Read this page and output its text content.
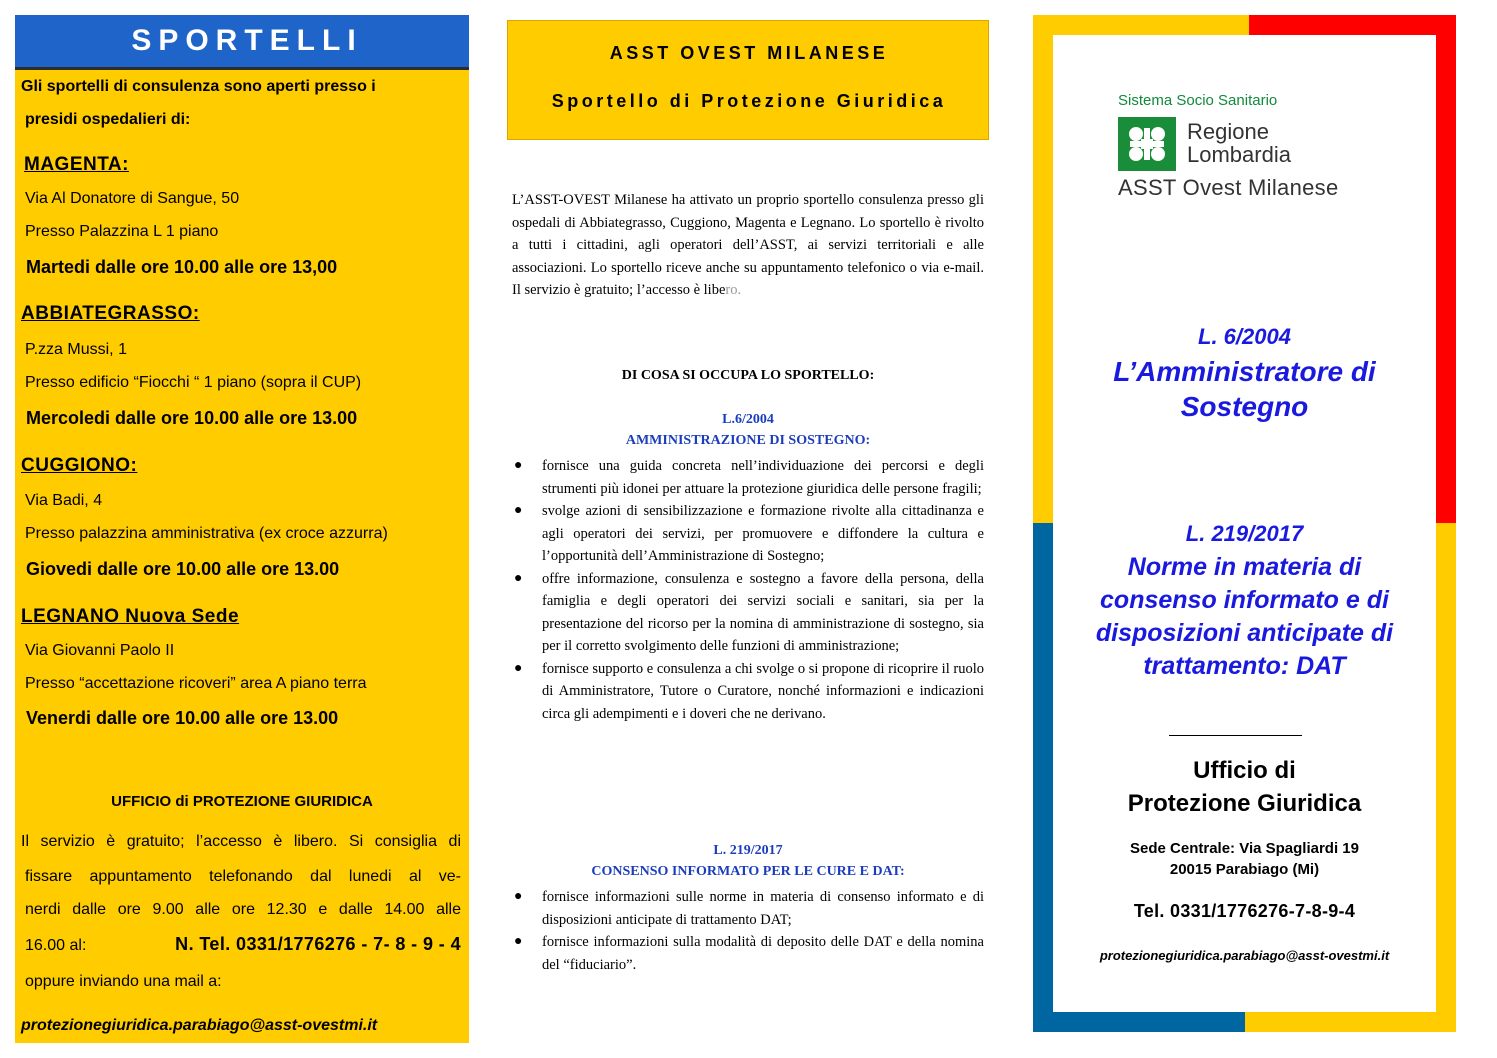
SPORTELLI
Gli sportelli di consulenza sono aperti presso i
presidi ospedalieri di:
MAGENTA:
Via Al Donatore di Sangue, 50
Presso Palazzina L 1 piano
Martedi dalle ore 10.00 alle ore 13,00
ABBIATEGRASSO:
P.zza Mussi, 1
Presso edificio “Fiocchi “ 1 piano (sopra il CUP)
Mercoledi dalle ore 10.00 alle ore 13.00
CUGGIONO:
Via Badi, 4
Presso palazzina amministrativa (ex croce azzurra)
Giovedi dalle ore 10.00 alle ore 13.00
LEGNANO Nuova Sede
Via Giovanni Paolo II
Presso “accettazione ricoveri” area A piano terra
Venerdi dalle ore 10.00 alle ore 13.00
UFFICIO di PROTEZIONE GIURIDICA
Il servizio è gratuito; l’accesso è libero. Si consiglia di
fissare appuntamento telefonando dal lunedi al ve-
nerdi dalle ore 9.00 alle ore 12.30 e dalle 14.00 alle
16.00 al:	N. Tel. 0331/1776276 - 7- 8 - 9 - 4
oppure inviando una mail a:
protezionegiuridica.parabiago@asst-ovestmi.it
ASST OVEST MILANESE
Sportello di Protezione Giuridica
L’ASST-OVEST Milanese ha attivato un proprio sportello consulenza presso gli ospedali di Abbiategrasso, Cuggiono, Magenta e Legnano. Lo sportello è rivolto a tutti i cittadini, agli operatori dell’ASST, ai servizi territoriali e alle associazioni. Lo sportello riceve anche su appuntamento telefonico o via e-mail. Il servizio è gratuito; l’accesso è libero.
DI COSA SI OCCUPA LO SPORTELLO:
L.6/2004
AMMINISTRAZIONE DI SOSTEGNO:
● fornisce una guida concreta nell’individuazione dei percorsi e degli strumenti più idonei per attuare la protezione giuridica delle persone fragili;
● svolge azioni di sensibilizzazione e formazione rivolte alla cittadinanza e agli operatori dei servizi, per promuovere e diffondere la cultura e l’opportunità dell’Amministrazione di Sostegno;
● offre informazione, consulenza e sostegno a favore della persona, della famiglia e degli operatori dei servizi sociali e sanitari, sia per la presentazione del ricorso per la nomina di amministrazione di sostegno, sia per il corretto svolgimento delle funzioni di amministrazione;
● fornisce supporto e consulenza a chi svolge o si propone di ricoprire il ruolo di Amministratore, Tutore o Curatore, nonché informazioni e indicazioni circa gli adempimenti e i doveri che ne derivano.
L. 219/2017
CONSENSO INFORMATO PER LE CURE E DAT:
● fornisce informazioni sulle norme in materia di consenso informato e di disposizioni anticipate di trattamento DAT;
● fornisce informazioni sulla modalità di deposito delle DAT e della nomina del “fiduciario”.
Sistema Socio Sanitario
Regione
Lombardia
ASST Ovest Milanese
L. 6/2004
L’Amministratore di
Sostegno
L. 219/2017
Norme in materia di
consenso informato e di
disposizioni anticipate di
trattamento: DAT
Ufficio di
Protezione Giuridica
Sede Centrale: Via Spagliardi 19
20015 Parabiago (Mi)
Tel. 0331/1776276-7-8-9-4
protezionegiuridica.parabiago@asst-ovestmi.it
